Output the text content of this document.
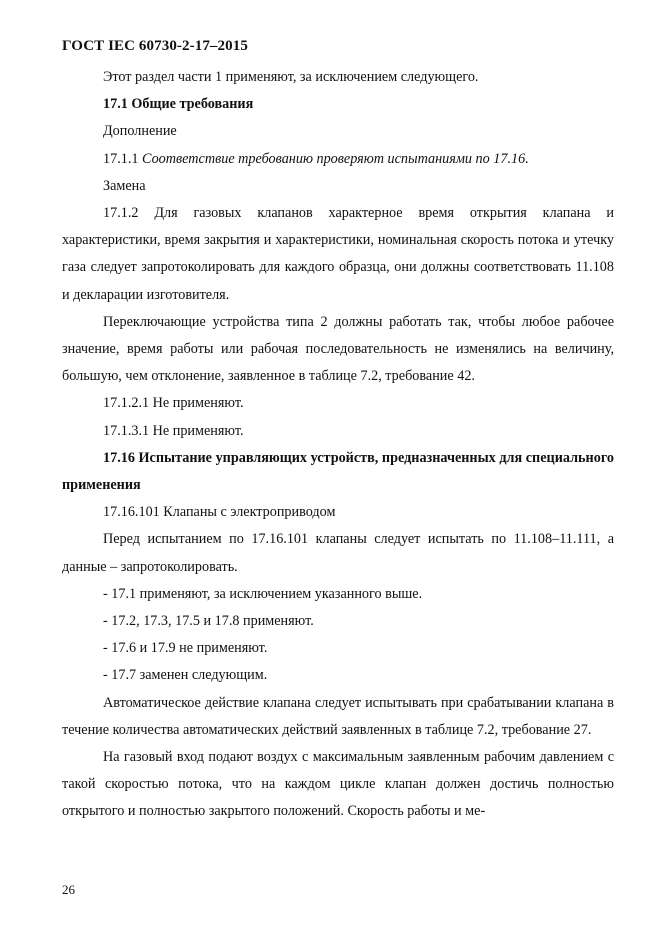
ГОСТ IEC 60730-2-17–2015

Этот раздел части 1 применяют, за исключением следующего.

17.1 Общие требования

Дополнение

17.1.1 Соответствие требованию проверяют испытаниями по 17.16.

Замена

17.1.2 Для газовых клапанов характерное время открытия клапана и характеристики, время закрытия и характеристики, номинальная скорость потока и утечку газа следует запротоколировать для каждого образца, они должны соответствовать 11.108 и декларации изготовителя.

Переключающие устройства типа 2 должны работать так, чтобы любое рабочее значение, время работы или рабочая последовательность не изменялись на величину, большую, чем отклонение, заявленное в таблице 7.2, требование 42.

17.1.2.1 Не применяют.

17.1.3.1 Не применяют.

17.16 Испытание управляющих устройств, предназначенных для специального применения

17.16.101 Клапаны с электроприводом

Перед испытанием по 17.16.101 клапаны следует испытать по 11.108–11.111, а данные – запротоколировать.

- 17.1 применяют, за исключением указанного выше.

- 17.2, 17.3, 17.5 и 17.8 применяют.

- 17.6 и 17.9 не применяют.

- 17.7 заменен следующим.

Автоматическое действие клапана следует испытывать при срабатывании клапана в течение количества автоматических действий заявленных в таблице 7.2, требование 27.

На газовый вход подают воздух с максимальным заявленным рабочим давлением с такой скоростью потока, что на каждом цикле клапан должен достичь полностью открытого и полностью закрытого положений. Скорость работы и ме-

26
